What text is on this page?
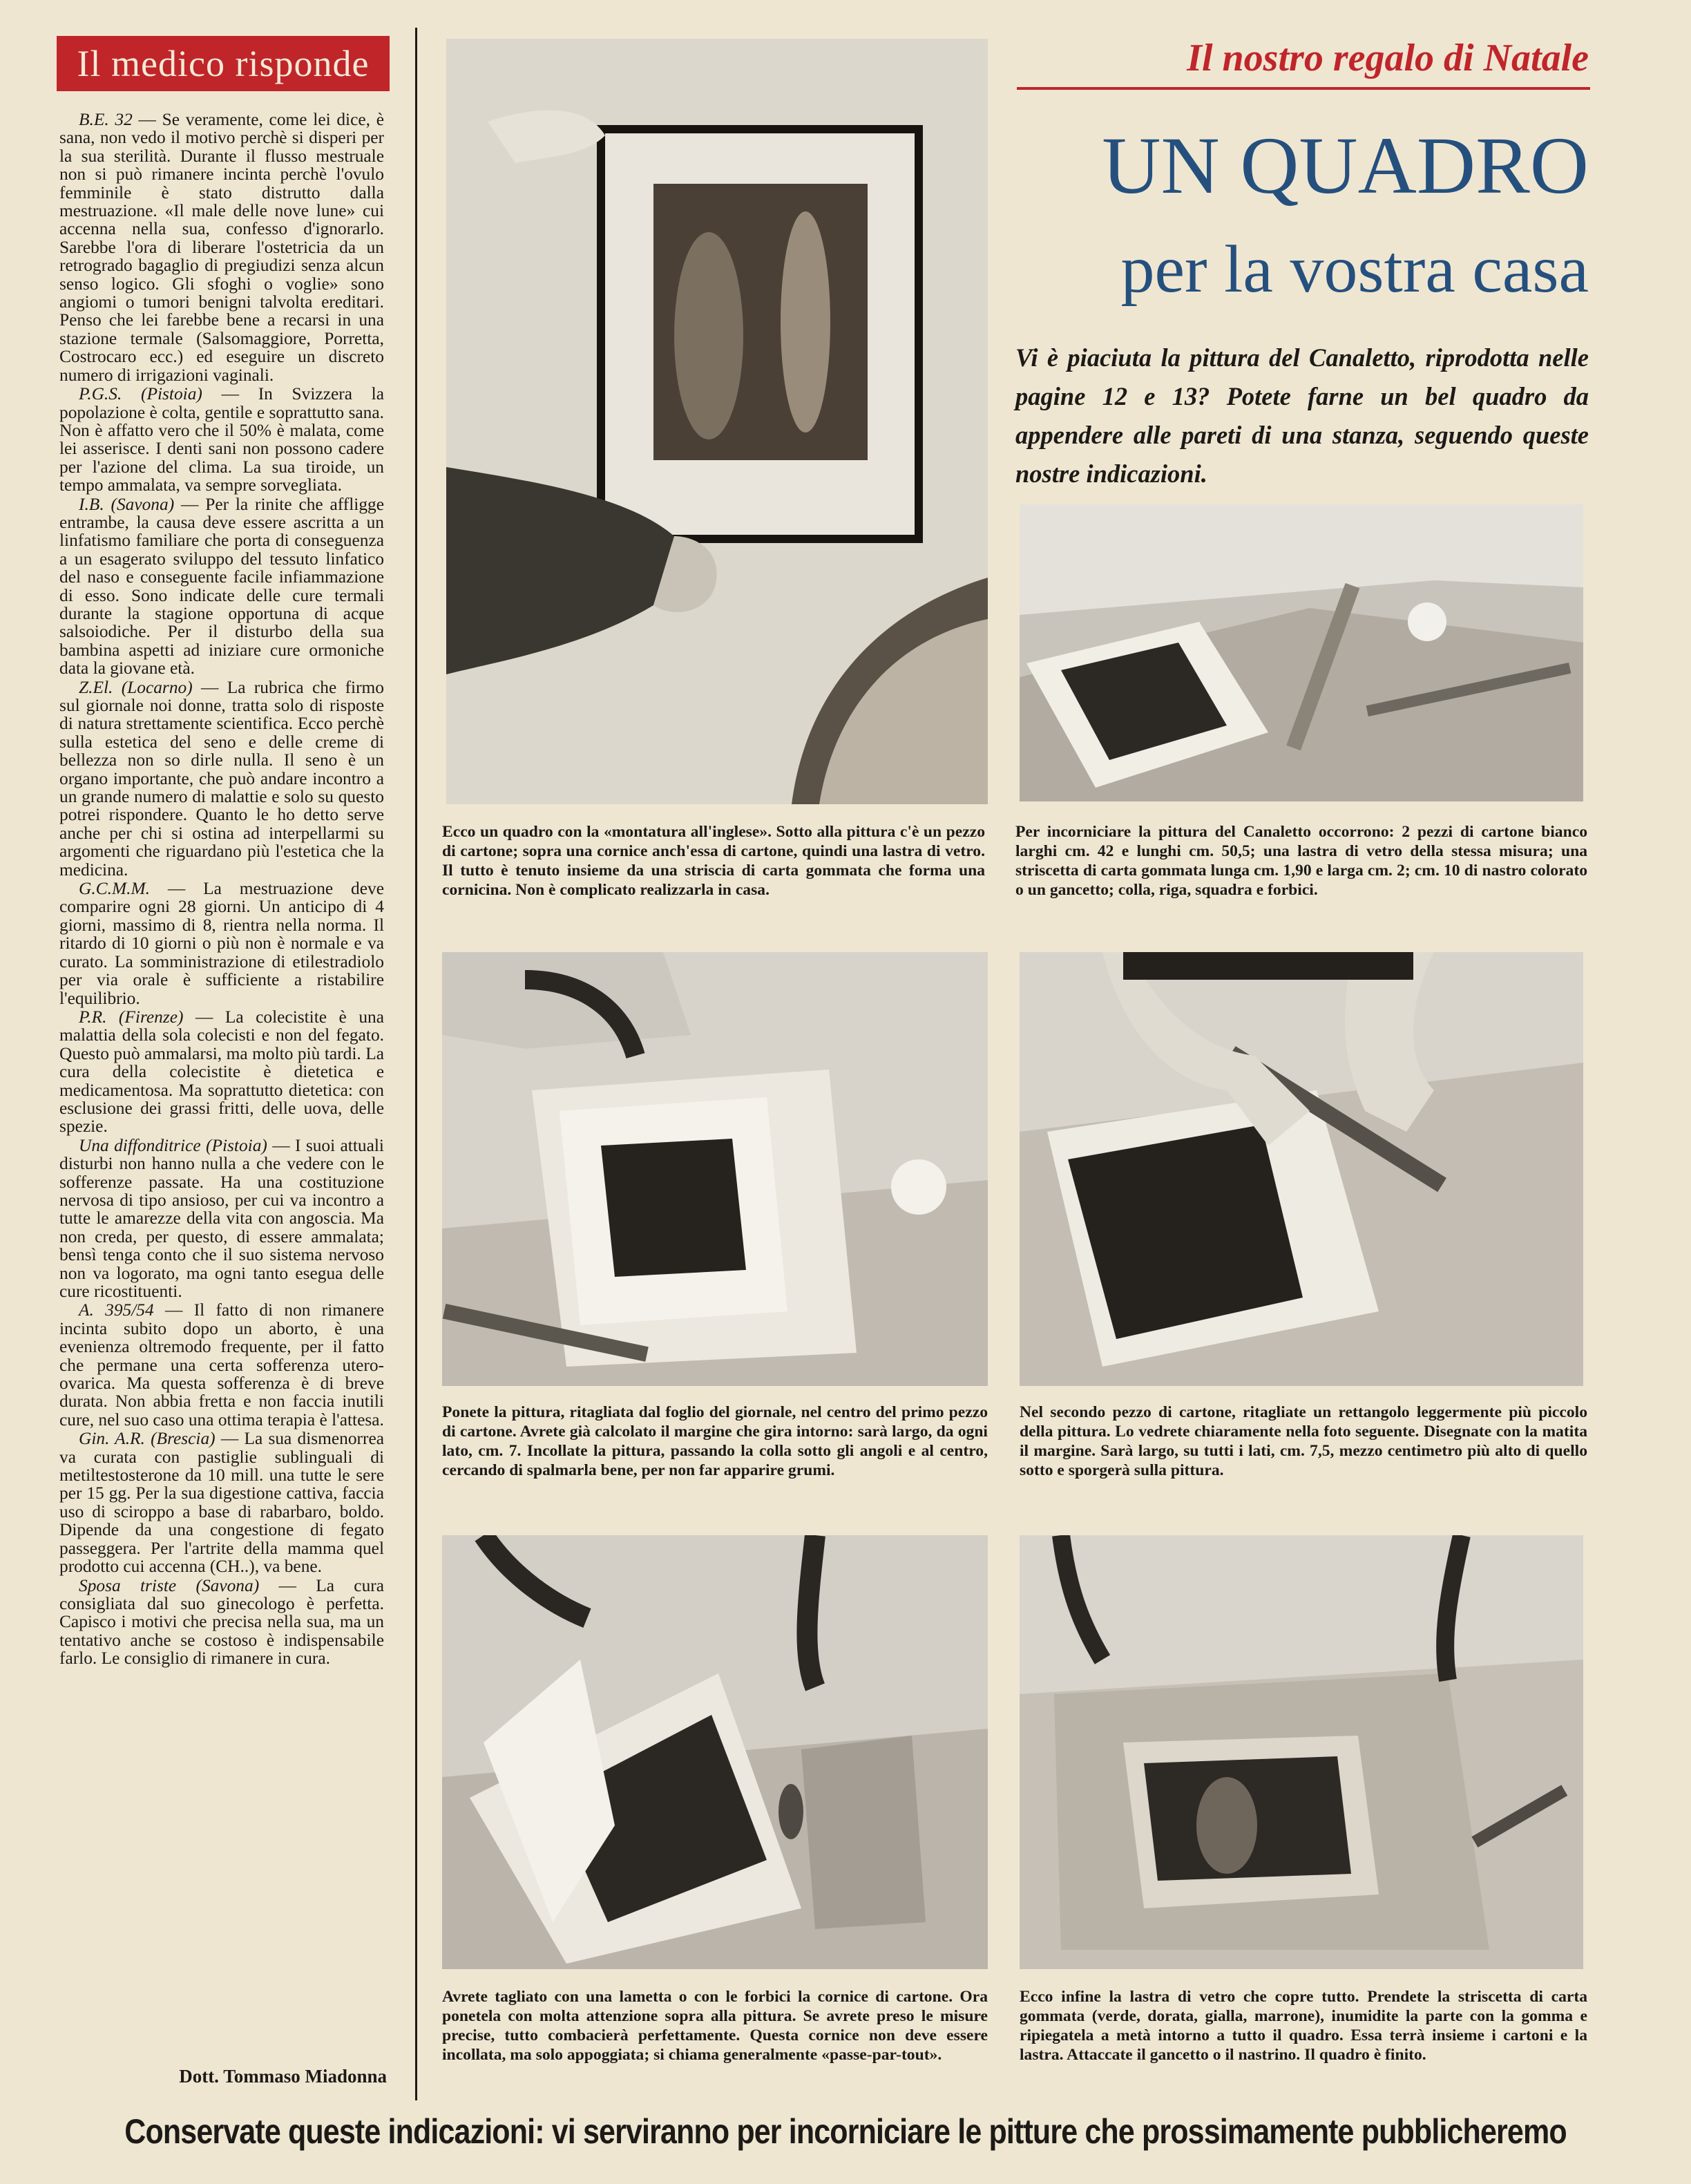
Il medico risponde

B.E. 32 — Se veramente, come lei dice, è sana, non vedo il motivo perchè si disperi per la sua sterilità. Durante il flusso mestruale non si può rimanere incinta perchè l'ovulo femminile è stato distrutto dalla mestruazione. «Il male delle nove lune» cui accenna nella sua, confesso d'ignorarlo. Sarebbe l'ora di liberare l'ostetricia da un retrogrado bagaglio di pregiudizi senza alcun senso logico. Gli sfoghi o voglie» sono angiomi o tumori benigni talvolta ereditari. Penso che lei farebbe bene a recarsi in una stazione termale (Salsomaggiore, Porretta, Costrocaro ecc.) ed eseguire un discreto numero di irrigazioni vaginali.

P.G.S. (Pistoia) — In Svizzera la popolazione è colta, gentile e soprattutto sana. Non è affatto vero che il 50% è malata, come lei asserisce. I denti sani non possono cadere per l'azione del clima. La sua tiroide, un tempo ammalata, va sempre sorvegliata.

I.B. (Savona) — Per la rinite che affligge entrambe, la causa deve essere ascritta a un linfatismo familiare che porta di conseguenza a un esagerato sviluppo del tessuto linfatico del naso e conseguente facile infiammazione di esso. Sono indicate delle cure termali durante la stagione opportuna di acque salsoiodiche. Per il disturbo della sua bambina aspetti ad iniziare cure ormoniche data la giovane età.

Z.El. (Locarno) — La rubrica che firmo sul giornale noi donne, tratta solo di risposte di natura strettamente scientifica. Ecco perchè sulla estetica del seno e delle creme di bellezza non so dirle nulla. Il seno è un organo importante, che può andare incontro a un grande numero di malattie e solo su questo potrei rispondere. Quanto le ho detto serve anche per chi si ostina ad interpellarmi su argomenti che riguardano più l'estetica che la medicina.

G.C.M.M. — La mestruazione deve comparire ogni 28 giorni. Un anticipo di 4 giorni, massimo di 8, rientra nella norma. Il ritardo di 10 giorni o più non è normale e va curato. La somministrazione di etilestradiolo per via orale è sufficiente a ristabilire l'equilibrio.

P.R. (Firenze) — La colecistite è una malattia della sola colecisti e non del fegato. Questo può ammalarsi, ma molto più tardi. La cura della colecistite è dietetica e medicamentosa. Ma soprattutto dietetica: con esclusione dei grassi fritti, delle uova, delle spezie.

Una diffonditrice (Pistoia) — I suoi attuali disturbi non hanno nulla a che vedere con le sofferenze passate. Ha una costituzione nervosa di tipo ansioso, per cui va incontro a tutte le amarezze della vita con angoscia. Ma non creda, per questo, di essere ammalata; bensì tenga conto che il suo sistema nervoso non va logorato, ma ogni tanto esegua delle cure ricostituenti.

A. 395/54 — Il fatto di non rimanere incinta subito dopo un aborto, è una evenienza oltremodo frequente, per il fatto che permane una certa sofferenza utero-ovarica. Ma questa sofferenza è di breve durata. Non abbia fretta e non faccia inutili cure, nel suo caso una ottima terapia è l'attesa.

Gin. A.R. (Brescia) — La sua dismenorrea va curata con pastiglie sublinguali di metiltestosterone da 10 mill. una tutte le sere per 15 gg. Per la sua digestione cattiva, faccia uso di sciroppo a base di rabarbaro, boldo. Dipende da una congestione di fegato passeggera. Per l'artrite della mamma quel prodotto cui accenna (CH..), va bene.

Sposa triste (Savona) — La cura consigliata dal suo ginecologo è perfetta. Capisco i motivi che precisa nella sua, ma un tentativo anche se costoso è indispensabile farlo. Le consiglio di rimanere in cura.

Dott. Tommaso Miadonna
Il nostro regalo di Natale
UN QUADRO
per la vostra casa
Vi è piaciuta la pittura del Canaletto, riprodotta nelle pagine 12 e 13? Potete farne un bel quadro da appendere alle pareti di una stanza, seguendo queste nostre indicazioni.
Ecco un quadro con la «montatura all'inglese». Sotto alla pittura c'è un pezzo di cartone; sopra una cornice anch'essa di cartone, quindi una lastra di vetro. Il tutto è tenuto insieme da una striscia di carta gommata che forma una cornicina. Non è complicato realizzarla in casa.
Per incorniciare la pittura del Canaletto occorrono: 2 pezzi di cartone bianco larghi cm. 42 e lunghi cm. 50,5; una lastra di vetro della stessa misura; una striscetta di carta gommata lunga cm. 1,90 e larga cm. 2; cm. 10 di nastro colorato o un gancetto; colla, riga, squadra e forbici.
Ponete la pittura, ritagliata dal foglio del giornale, nel centro del primo pezzo di cartone. Avrete già calcolato il margine che gira intorno: sarà largo, da ogni lato, cm. 7. Incollate la pittura, passando la colla sotto gli angoli e al centro, cercando di spalmarla bene, per non far apparire grumi.
Nel secondo pezzo di cartone, ritagliate un rettangolo leggermente più piccolo della pittura. Lo vedrete chiaramente nella foto seguente. Disegnate con la matita il margine. Sarà largo, su tutti i lati, cm. 7,5, mezzo centimetro più alto di quello sotto e sporgerà sulla pittura.
Avrete tagliato con una lametta o con le forbici la cornice di cartone. Ora ponetela con molta attenzione sopra alla pittura. Se avrete preso le misure precise, tutto combacierà perfettamente. Questa cornice non deve essere incollata, ma solo appoggiata; si chiama generalmente «passe-par-tout».
Ecco infine la lastra di vetro che copre tutto. Prendete la striscetta di carta gommata (verde, dorata, gialla, marrone), inumidite la parte con la gomma e ripiegatela a metà intorno a tutto il quadro. Essa terrà insieme i cartoni e la lastra. Attaccate il gancetto o il nastrino. Il quadro è finito.
Conservate queste indicazioni: vi serviranno per incorniciare le pitture che prossimamente pubblicheremo
